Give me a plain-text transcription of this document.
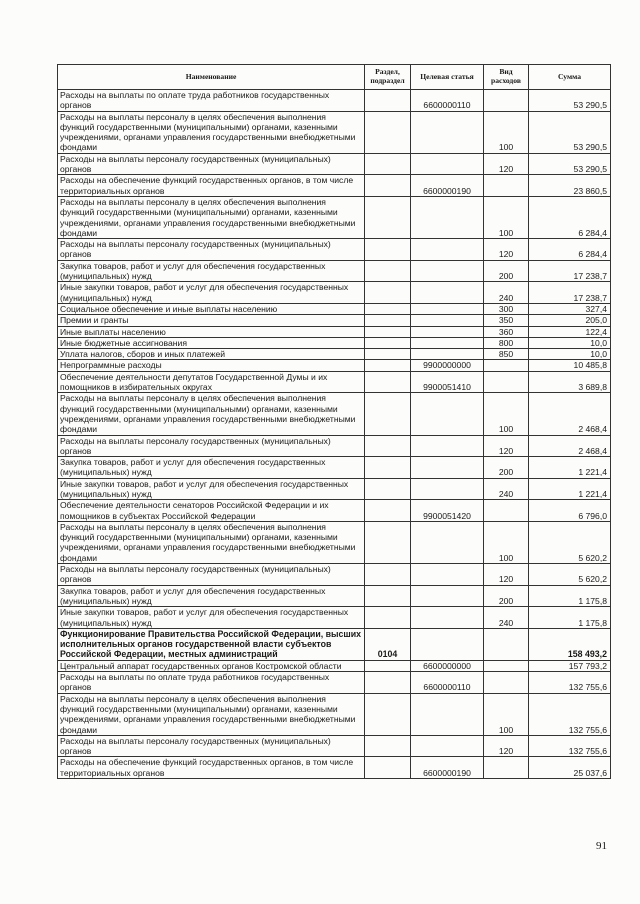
Наименование	Раздел, подраздел	Целевая статья	Вид расходов	Сумма
Расходы на выплаты по оплате труда работников государственных органов		6600000110		53 290,5
Расходы на выплаты персоналу в целях обеспечения выполнения функций государственными (муниципальными) органами, казенными учреждениями, органами управления государственными внебюджетными фондами			100	53 290,5
Расходы на выплаты персоналу государственных (муниципальных) органов			120	53 290,5
Расходы на обеспечение функций государственных органов, в том числе территориальных органов		6600000190		23 860,5
Расходы на выплаты персоналу в целях обеспечения выполнения функций государственными (муниципальными) органами, казенными учреждениями, органами управления государственными внебюджетными фондами			100	6 284,4
Расходы на выплаты персоналу государственных (муниципальных) органов			120	6 284,4
Закупка товаров, работ и услуг для обеспечения государственных (муниципальных) нужд			200	17 238,7
Иные закупки товаров, работ и услуг для обеспечения государственных (муниципальных) нужд			240	17 238,7
Социальное обеспечение и иные выплаты населению			300	327,4
Премии и гранты			350	205,0
Иные выплаты населению			360	122,4
Иные бюджетные ассигнования			800	10,0
Уплата налогов, сборов и иных платежей			850	10,0
Непрограммные расходы		9900000000		10 485,8
Обеспечение деятельности депутатов Государственной Думы и их помощников в избирательных округах		9900051410		3 689,8
Расходы на выплаты персоналу в целях обеспечения выполнения функций государственными (муниципальными) органами, казенными учреждениями, органами управления государственными внебюджетными фондами			100	2 468,4
Расходы на выплаты персоналу государственных (муниципальных) органов			120	2 468,4
Закупка товаров, работ и услуг для обеспечения государственных (муниципальных) нужд			200	1 221,4
Иные закупки товаров, работ и услуг для обеспечения государственных (муниципальных) нужд			240	1 221,4
Обеспечение деятельности сенаторов Российской Федерации и их помощников в субъектах Российской Федерации		9900051420		6 796,0
Расходы на выплаты персоналу в целях обеспечения выполнения функций государственными (муниципальными) органами, казенными учреждениями, органами управления государственными внебюджетными фондами			100	5 620,2
Расходы на выплаты персоналу государственных (муниципальных) органов			120	5 620,2
Закупка товаров, работ и услуг для обеспечения государственных (муниципальных) нужд			200	1 175,8
Иные закупки товаров, работ и услуг для обеспечения государственных (муниципальных) нужд			240	1 175,8
Функционирование Правительства Российской Федерации, высших исполнительных органов государственной власти субъектов Российской Федерации, местных администраций	0104			158 493,2
Центральный аппарат государственных органов Костромской области		6600000000		157 793,2
Расходы на выплаты по оплате труда работников государственных органов		6600000110		132 755,6
Расходы на выплаты персоналу в целях обеспечения выполнения функций государственными (муниципальными) органами, казенными учреждениями, органами управления государственными внебюджетными фондами			100	132 755,6
Расходы на выплаты персоналу государственных (муниципальных) органов			120	132 755,6
Расходы на обеспечение функций государственных органов, в том числе территориальных органов		6600000190		25 037,6
91
